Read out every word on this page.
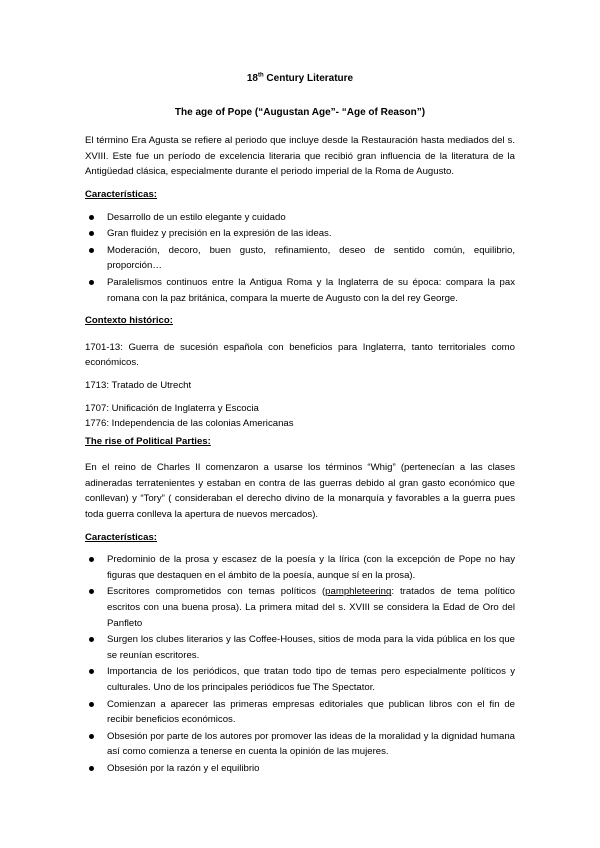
18th Century Literature
The age of Pope (“Augustan Age”- “Age of Reason”)

El término Era Agusta se refiere al periodo que incluye desde la Restauración hasta mediados del s. XVIII. Este fue un período de excelencia literaria que recibió gran influencia de la literatura de la Antigüedad clásica, especialmente durante el periodo imperial de la Roma de Augusto.

Características:
Desarrollo de un estilo elegante y cuidado
Gran fluidez y precisión en la expresión de las ideas.
Moderación, decoro, buen gusto, refinamiento, deseo de sentido común, equilibrio, proporción…
Paralelismos continuos entre la Antigua Roma y la Inglaterra de su época: compara la pax romana con la paz británica, compara la muerte de Augusto con la del rey George.
Contexto histórico:

1701-13: Guerra de sucesión española con beneficios para Inglaterra, tanto territoriales como económicos.

1713: Tratado de Utrecht

1707: Unificación de Inglaterra y Escocia

1776: Independencia de las colonias Americanas

The rise of Political Parties:

En el reino de Charles II comenzaron a usarse los términos “Whig” (pertenecían a las clases adineradas terratenientes y estaban en contra de las guerras debido al gran gasto económico que conllevan) y “Tory” ( consideraban el derecho divino de la monarquía y favorables a la guerra pues toda guerra conlleva la apertura de nuevos mercados).

Características:
Predominio de la prosa y escasez de la poesía y la lírica (con la excepción de Pope no hay figuras que destaquen en el ámbito de la poesía, aunque sí en la prosa).
Escritores comprometidos con temas políticos (pamphleteering: tratados de tema político escritos con una buena prosa). La primera mitad del s. XVIII se considera la Edad de Oro del Panfleto
Surgen los clubes literarios y las Coffee-Houses, sitios de moda para la vida pública en los que se reunían escritores.
Importancia de los periódicos, que tratan todo tipo de temas pero especialmente políticos y culturales. Uno de los principales periódicos fue The Spectator.
Comienzan a aparecer las primeras empresas editoriales que publican libros con el fin de recibir beneficios económicos.
Obsesión por parte de los autores por promover las ideas de la moralidad y la dignidad humana así como comienza a tenerse en cuenta la opinión de las mujeres.
Obsesión por la razón y el equilibrio
